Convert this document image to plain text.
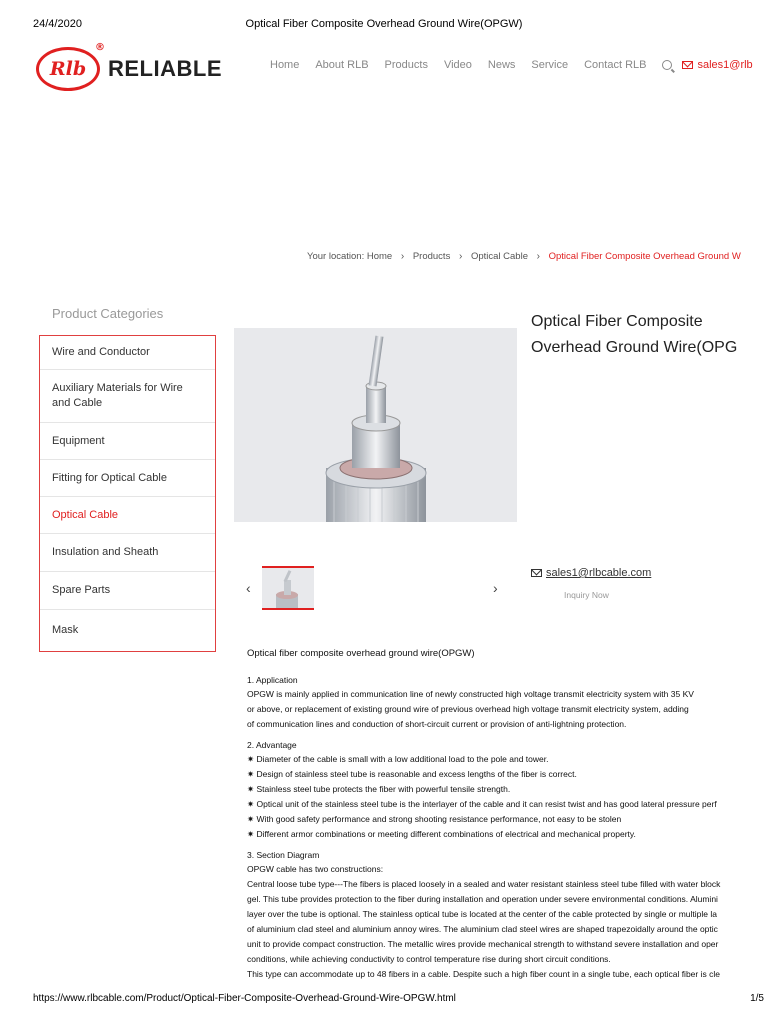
24/4/2020	Optical Fiber Composite Overhead Ground Wire(OPGW)
Rlb
®
RELIABLE	Home About RLB Products Video News Service Contact RLB	sales1@rlb
Your location: Home › Products › Optical Cable › Optical Fiber Composite Overhead Ground W
Product Categories
Wire and Conductor
Auxiliary Materials for Wire and Cable
Equipment
Fitting for Optical Cable
Optical Cable
Insulation and Sheath
Spare Parts
Mask
‹	›
Optical Fiber Composite
Overhead Ground Wire(OPG
sales1@rlbcable.com
Inquiry Now
Optical fiber composite overhead ground wire(OPGW)
1. Application
OPGW is mainly applied in communication line of newly constructed high voltage transmit electricity system with 35 KV
or above, or replacement of existing ground wire of previous overhead high voltage transmit electricity system, adding
of communication lines and conduction of short-circuit current or provision of anti-lightning protection.
2. Advantage
✷ Diameter of the cable is small with a low additional load to the pole and tower.
✷ Design of stainless steel tube is reasonable and excess lengths of the fiber is correct.
✷ Stainless steel tube protects the fiber with powerful tensile strength.
✷ Optical unit of the stainless steel tube is the interlayer of the cable and it can resist twist and has good lateral pressure perf
✷ With good safety performance and strong shooting resistance performance, not easy to be stolen
✷ Different armor combinations or meeting different combinations of electrical and mechanical property.
3. Section Diagram
OPGW cable has two constructions:
Central loose tube type---The fibers is placed loosely in a sealed and water resistant stainless steel tube filled with water block
gel. This tube provides protection to the fiber during installation and operation under severe environmental conditions. Alumini
layer over the tube is optional. The stainless optical tube is located at the center of the cable protected by single or multiple la
of aluminium clad steel and aluminium annoy wires. The aluminium clad steel wires are shaped trapezoidally around the optic
unit to provide compact construction. The metallic wires provide mechanical strength to withstand severe installation and oper
conditions, while achieving conductivity to control temperature rise during short circuit conditions.
This type can accommodate up to 48 fibers in a cable. Despite such a high fiber count in a single tube, each optical fiber is cle
https://www.rlbcable.com/Product/Optical-Fiber-Composite-Overhead-Ground-Wire-OPGW.html	1/5
